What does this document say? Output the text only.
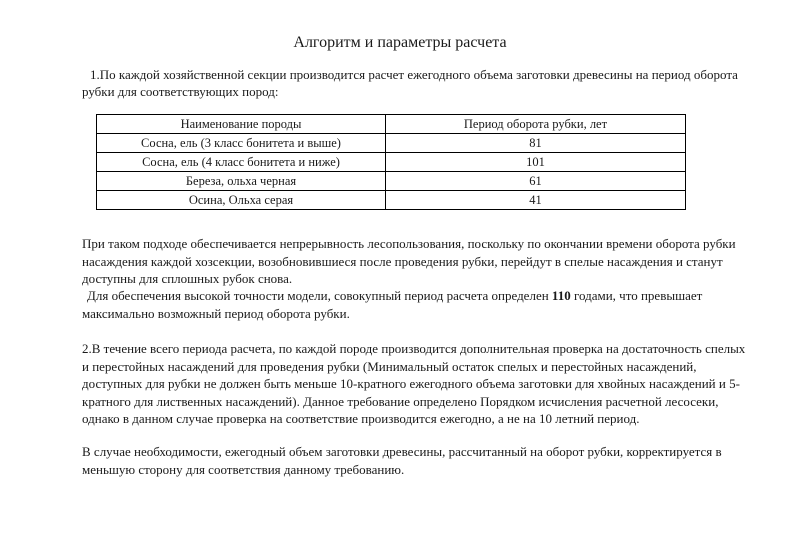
Алгоритм и параметры расчета
1.По каждой хозяйственной секции производится расчет ежегодного объема заготовки древесины на период оборота рубки для соответствующих пород:
Наименование породы	Период оборота рубки, лет
Сосна, ель (3 класс бонитета и выше)	81
Сосна, ель (4 класс бонитета и ниже)	101
Береза, ольха черная	61
Осина, Ольха серая	41
При таком подходе обеспечивается непрерывность лесопользования, поскольку по окончании времени оборота рубки насаждения каждой хозсекции, возобновившиеся после проведения рубки, перейдут в спелые насаждения и станут доступны для сплошных рубок снова.
Для обеспечения высокой точности модели, совокупный период расчета определен 110 годами, что превышает максимально возможный период оборота рубки.
2.В течение всего периода расчета, по каждой породе производится дополнительная проверка на достаточность спелых и перестойных насаждений для проведения рубки (Минимальный остаток спелых и перестойных насаждений, доступных для рубки не должен быть меньше 10-кратного ежегодного объема заготовки для хвойных насаждений и 5-кратного для лиственных насаждений). Данное требование определено Порядком исчисления расчетной лесосеки, однако в данном случае проверка на соответствие производится ежегодно, а не на 10 летний период.
В случае необходимости, ежегодный объем заготовки древесины, рассчитанный на оборот рубки, корректируется в меньшую сторону для соответствия данному требованию.
